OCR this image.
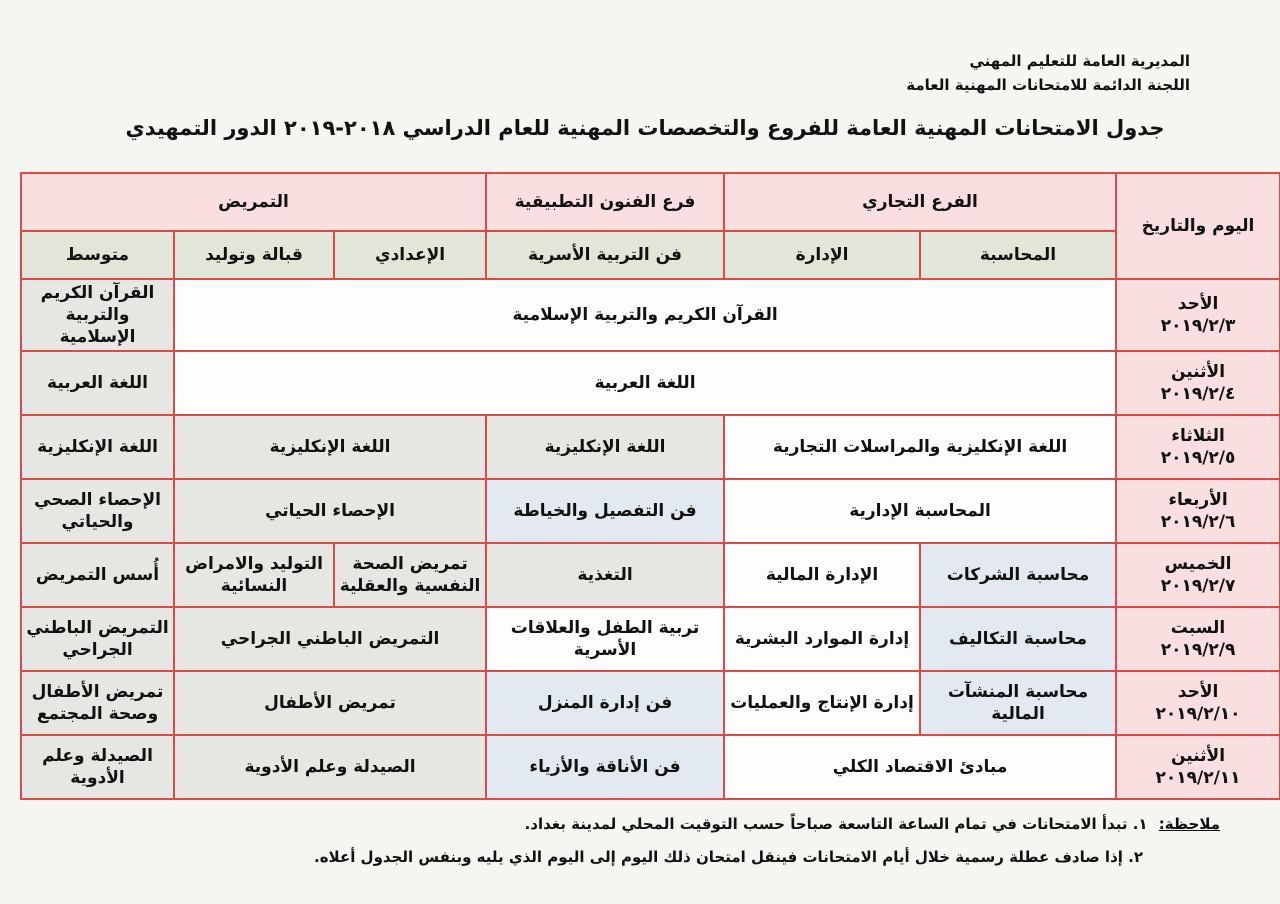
المديرية العامة للتعليم المهني
اللجنة الدائمة للامتحانات المهنية العامة
جدول الامتحانات المهنية العامة للفروع والتخصصات المهنية للعام الدراسي ٢٠١٨-٢٠١٩ الدور التمهيدي
اليوم والتاريخ	الفرع التجاري		فرع الفنون التطبيقية	التمريض		
	المحاسبة	الإدارة	فن التربية الأسرية	الإعدادي	قبالة وتوليد	متوسط
الأحد
٢٠١٩/٢/٣	القرآن الكريم والتربية الإسلامية					القرآن الكريم والتربية الإسلامية
الأثنين
٢٠١٩/٢/٤	اللغة العربية					اللغة العربية
الثلاثاء
٢٠١٩/٢/٥	اللغة الإنكليزية والمراسلات التجارية		اللغة الإنكليزية	اللغة الإنكليزية		اللغة الإنكليزية
الأربعاء
٢٠١٩/٢/٦	المحاسبة الإدارية		فن التفصيل والخياطة	الإحصاء الحياتي		الإحصاء الصحي والحياتي
الخميس
٢٠١٩/٢/٧	محاسبة الشركات	الإدارة المالية	التغذية	تمريض الصحة النفسية والعقلية	التوليد والامراض النسائية	أُسس التمريض
السبت
٢٠١٩/٢/٩	محاسبة التكاليف	إدارة الموارد البشرية	تربية الطفل والعلاقات الأسرية	التمريض الباطني الجراحي		التمريض الباطني الجراحي
الأحد
٢٠١٩/٢/١٠	محاسبة المنشآت المالية	إدارة الإنتاج والعمليات	فن إدارة المنزل	تمريض الأطفال		تمريض الأطفال وصحة المجتمع
الأثنين
٢٠١٩/٢/١١	مبادئ الاقتصاد الكلي		فن الأناقة والأزياء	الصيدلة وعلم الأدوية		الصيدلة وعلم الأدوية
ملاحظة: ١. تبدأ الامتحانات في تمام الساعة التاسعة صباحاً حسب التوقيت المحلي لمدينة بغداد.
٢. إذا صادف عطلة رسمية خلال أيام الامتحانات فينقل امتحان ذلك اليوم إلى اليوم الذي يليه وبنفس الجدول أعلاه.
